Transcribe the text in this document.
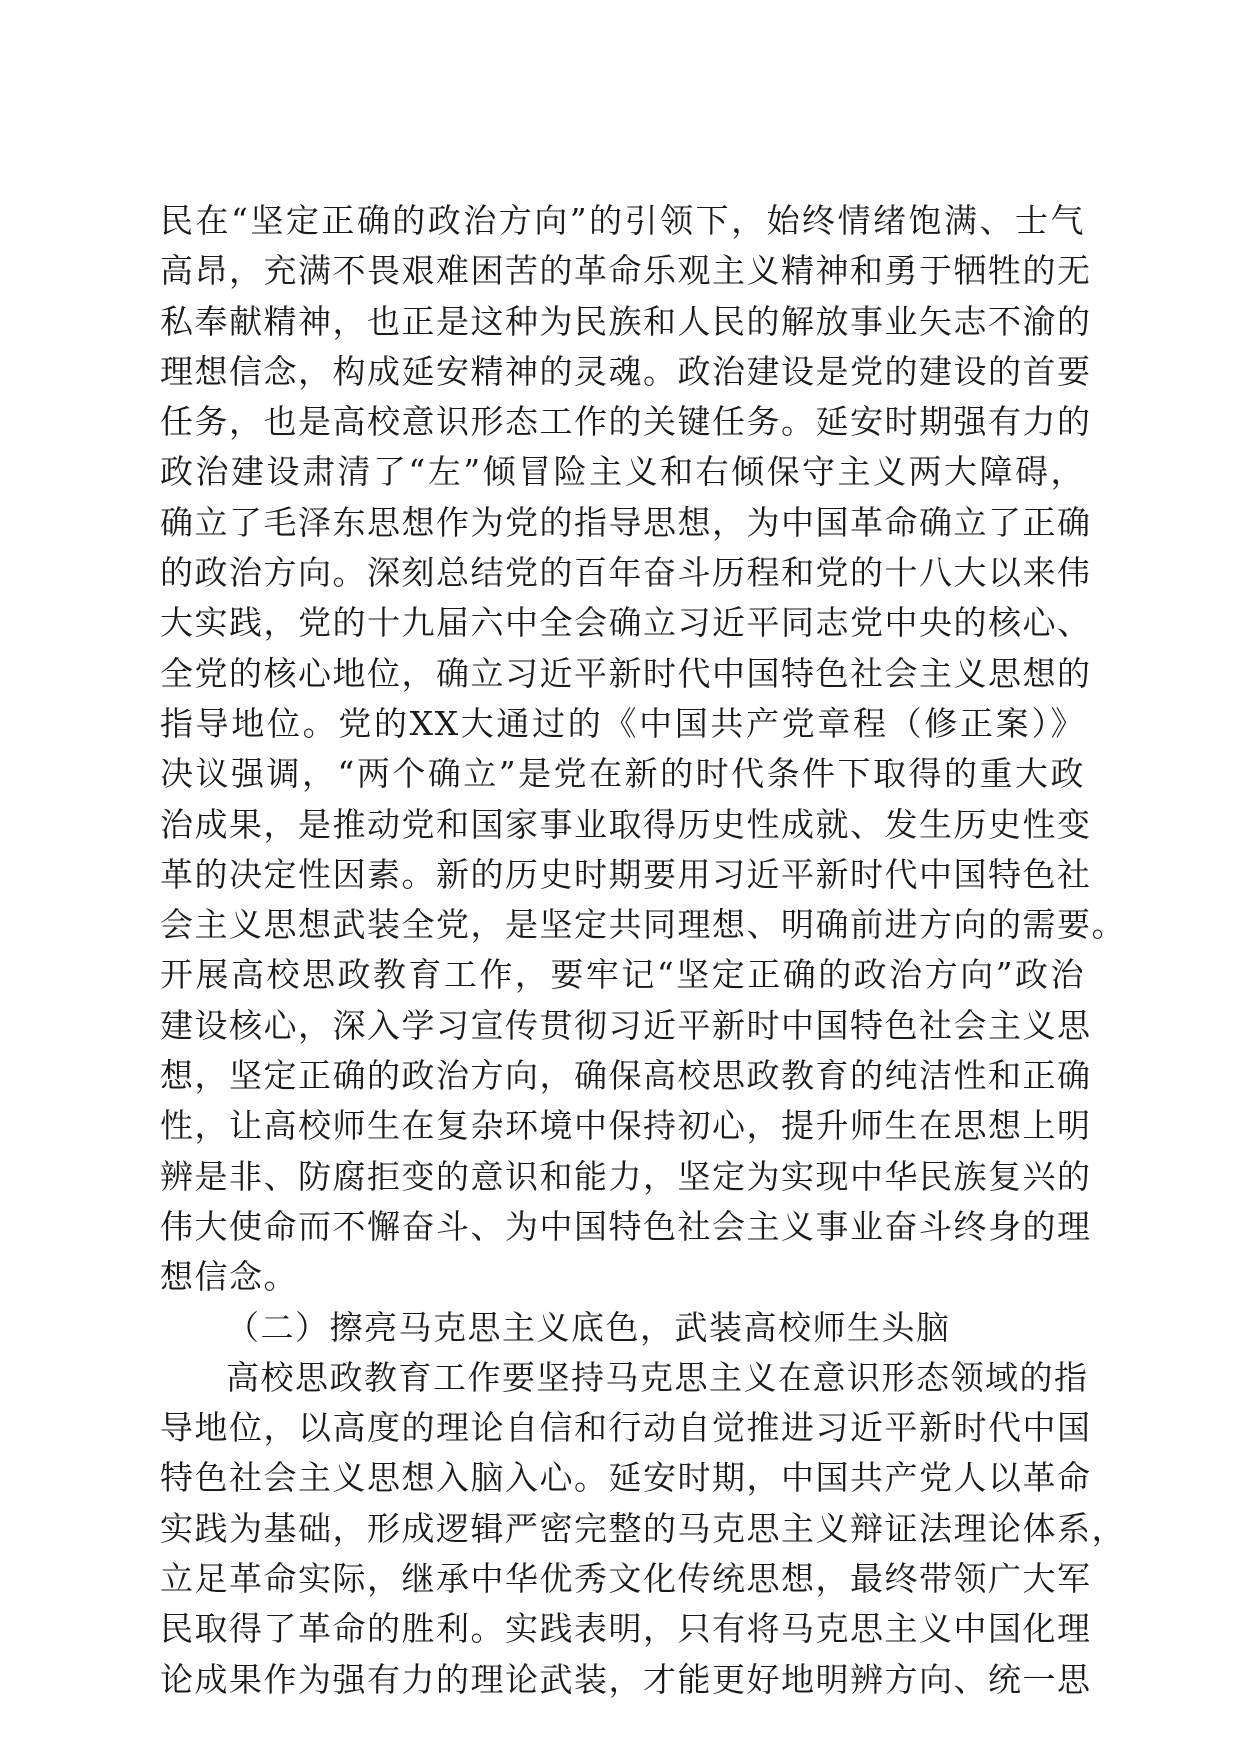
民在“坚定正确的政治方向”的引领下，始终情绪饱满、士气
高昂，充满不畏艰难困苦的革命乐观主义精神和勇于牺牲的无
私奉献精神，也正是这种为民族和人民的解放事业矢志不渝的
理想信念，构成延安精神的灵魂。政治建设是党的建设的首要
任务，也是高校意识形态工作的关键任务。延安时期强有力的
政治建设肃清了“左”倾冒险主义和右倾保守主义两大障碍，
确立了毛泽东思想作为党的指导思想，为中国革命确立了正确
的政治方向。深刻总结党的百年奋斗历程和党的十八大以来伟
大实践，党的十九届六中全会确立习近平同志党中央的核心、
全党的核心地位，确立习近平新时代中国特色社会主义思想的
指导地位。党的XX大通过的《中国共产党章程（修正案）》
决议强调，“两个确立”是党在新的时代条件下取得的重大政
治成果，是推动党和国家事业取得历史性成就、发生历史性变
革的决定性因素。新的历史时期要用习近平新时代中国特色社
会主义思想武装全党，是坚定共同理想、明确前进方向的需要。
开展高校思政教育工作，要牢记“坚定正确的政治方向”政治
建设核心，深入学习宣传贯彻习近平新时中国特色社会主义思
想，坚定正确的政治方向，确保高校思政教育的纯洁性和正确
性，让高校师生在复杂环境中保持初心，提升师生在思想上明
辨是非、防腐拒变的意识和能力，坚定为实现中华民族复兴的
伟大使命而不懈奋斗、为中国特色社会主义事业奋斗终身的理
想信念。
（二）擦亮马克思主义底色，武装高校师生头脑
高校思政教育工作要坚持马克思主义在意识形态领域的指
导地位，以高度的理论自信和行动自觉推进习近平新时代中国
特色社会主义思想入脑入心。延安时期，中国共产党人以革命
实践为基础，形成逻辑严密完整的马克思主义辩证法理论体系，
立足革命实际，继承中华优秀文化传统思想，最终带领广大军
民取得了革命的胜利。实践表明，只有将马克思主义中国化理
论成果作为强有力的理论武装，才能更好地明辨方向、统一思
